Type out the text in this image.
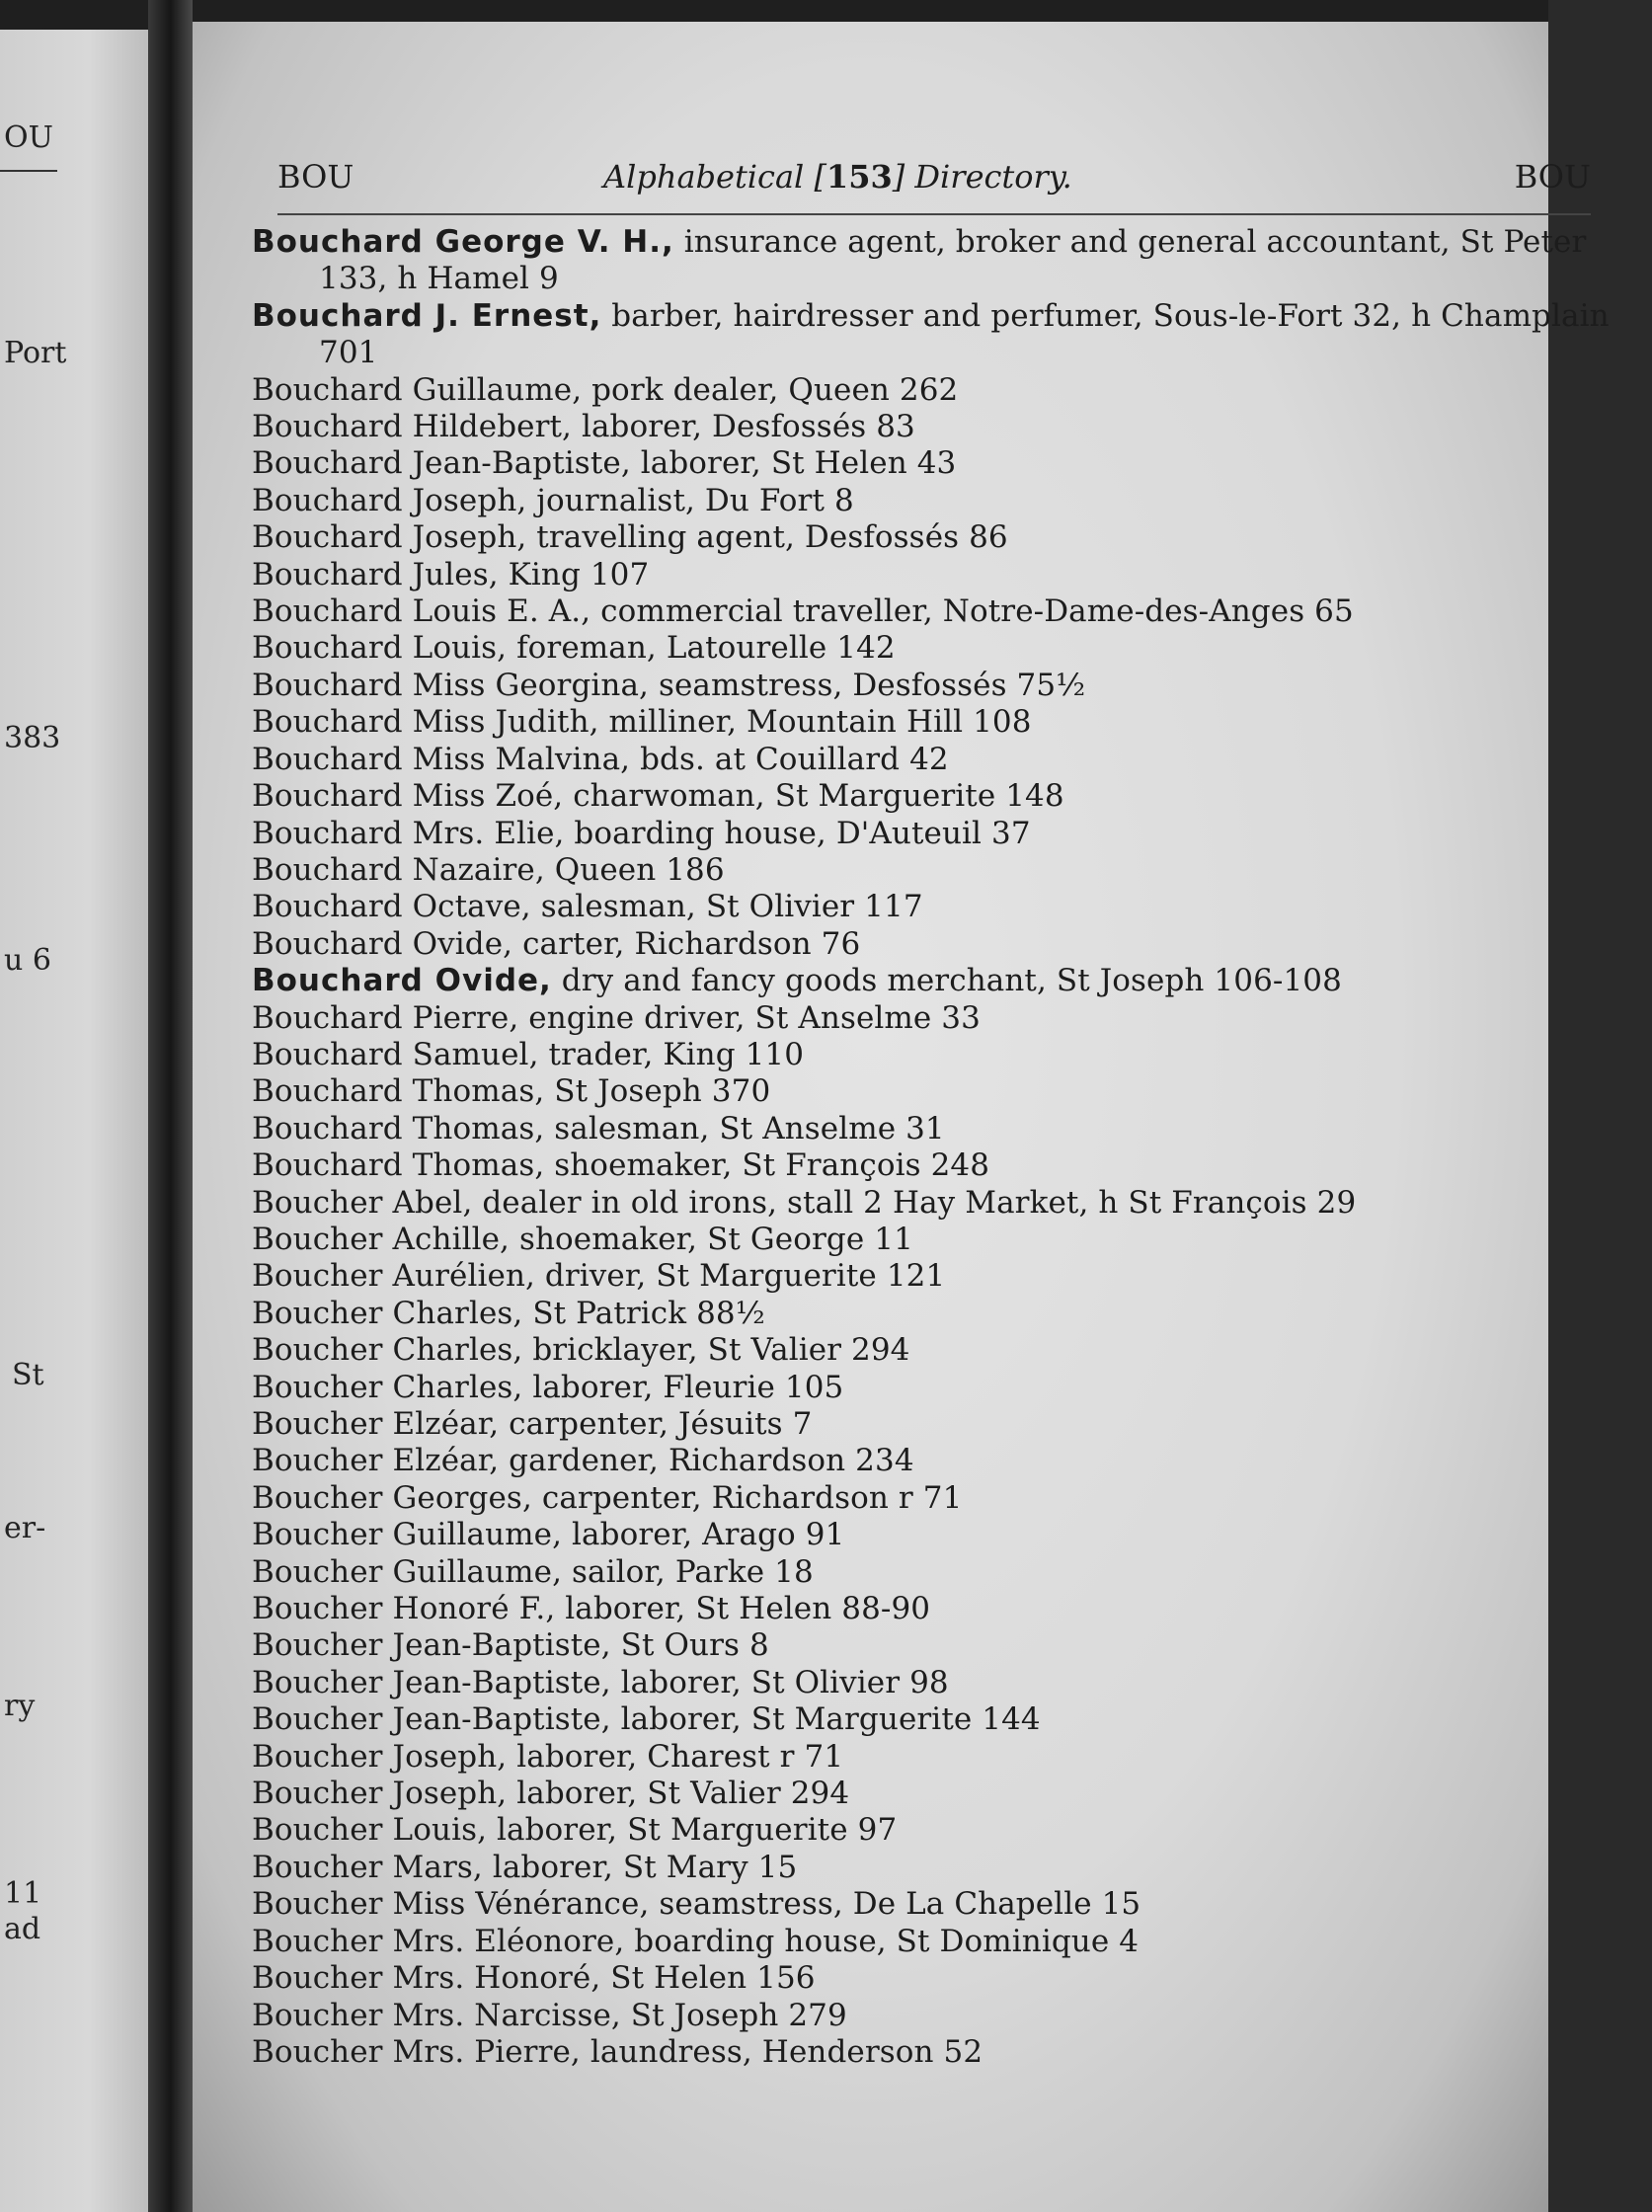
OU
Port
383
u 6
St
er-
ry
11
ad
BOU	Alphabetical [153] Directory.	BOU
Bouchard George V. H., insurance agent, broker and general accountant, St Peter 133, h Hamel 9
Bouchard J. Ernest, barber, hairdresser and perfumer, Sous-le-Fort 32, h Champlain 701
Bouchard Guillaume, pork dealer, Queen 262
Bouchard Hildebert, laborer, Desfossés 83
Bouchard Jean-Baptiste, laborer, St Helen 43
Bouchard Joseph, journalist, Du Fort 8
Bouchard Joseph, travelling agent, Desfossés 86
Bouchard Jules, King 107
Bouchard Louis E. A., commercial traveller, Notre-Dame-des-Anges 65
Bouchard Louis, foreman, Latourelle 142
Bouchard Miss Georgina, seamstress, Desfossés 75½
Bouchard Miss Judith, milliner, Mountain Hill 108
Bouchard Miss Malvina, bds. at Couillard 42
Bouchard Miss Zoé, charwoman, St Marguerite 148
Bouchard Mrs. Elie, boarding house, D'Auteuil 37
Bouchard Nazaire, Queen 186
Bouchard Octave, salesman, St Olivier 117
Bouchard Ovide, carter, Richardson 76
Bouchard Ovide, dry and fancy goods merchant, St Joseph 106-108
Bouchard Pierre, engine driver, St Anselme 33
Bouchard Samuel, trader, King 110
Bouchard Thomas, St Joseph 370
Bouchard Thomas, salesman, St Anselme 31
Bouchard Thomas, shoemaker, St François 248
Boucher Abel, dealer in old irons, stall 2 Hay Market, h St François 29
Boucher Achille, shoemaker, St George 11
Boucher Aurélien, driver, St Marguerite 121
Boucher Charles, St Patrick 88½
Boucher Charles, bricklayer, St Valier 294
Boucher Charles, laborer, Fleurie 105
Boucher Elzéar, carpenter, Jésuits 7
Boucher Elzéar, gardener, Richardson 234
Boucher Georges, carpenter, Richardson r 71
Boucher Guillaume, laborer, Arago 91
Boucher Guillaume, sailor, Parke 18
Boucher Honoré F., laborer, St Helen 88-90
Boucher Jean-Baptiste, St Ours 8
Boucher Jean-Baptiste, laborer, St Olivier 98
Boucher Jean-Baptiste, laborer, St Marguerite 144
Boucher Joseph, laborer, Charest r 71
Boucher Joseph, laborer, St Valier 294
Boucher Louis, laborer, St Marguerite 97
Boucher Mars, laborer, St Mary 15
Boucher Miss Vénérance, seamstress, De La Chapelle 15
Boucher Mrs. Eléonore, boarding house, St Dominique 4
Boucher Mrs. Honoré, St Helen 156
Boucher Mrs. Narcisse, St Joseph 279
Boucher Mrs. Pierre, laundress, Henderson 52
